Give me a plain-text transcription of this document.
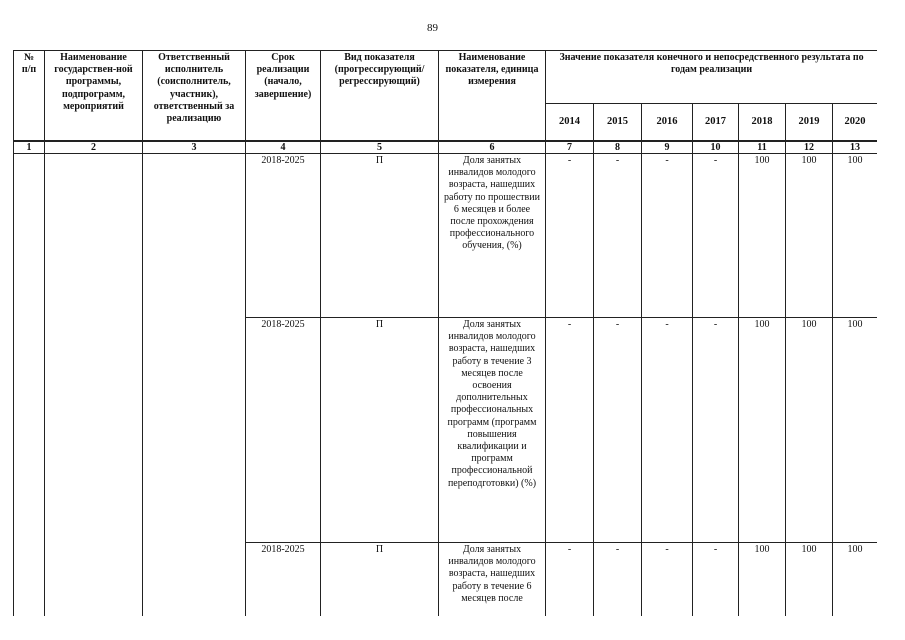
89
№
п/п	Наименование государствен-ной программы, подпрограмм, мероприятий	Ответственный исполнитель (соисполнитель, участник), ответственный за реализацию	Срок реализации (начало, завершение)	Вид показателя (прогрессирующий/ регрессирующий)	Наименование показателя, единица измерения	Значение показателя конечного и непосредственного результата по годам реализации						
						2014	2015	2016	2017	2018	2019	2020
1	2	3	4	5	6	7	8	9	10	11	12	13
			2018-2025	П	Доля занятых инвалидов молодого возраста, нашедших работу по прошествии 6 месяцев и более после прохождения профессионального обучения, (%)	-	-	-	-	100	100	100
			2018-2025	П	Доля занятых инвалидов молодого возраста, нашедших работу в течение 3 месяцев после освоения дополнительных профессиональных программ (программ повышения квалификации и программ профессиональной переподготовки) (%)	-	-	-	-	100	100	100
			2018-2025	П	Доля занятых инвалидов молодого возраста, нашедших работу в течение 6 месяцев после	-	-	-	-	100	100	100
